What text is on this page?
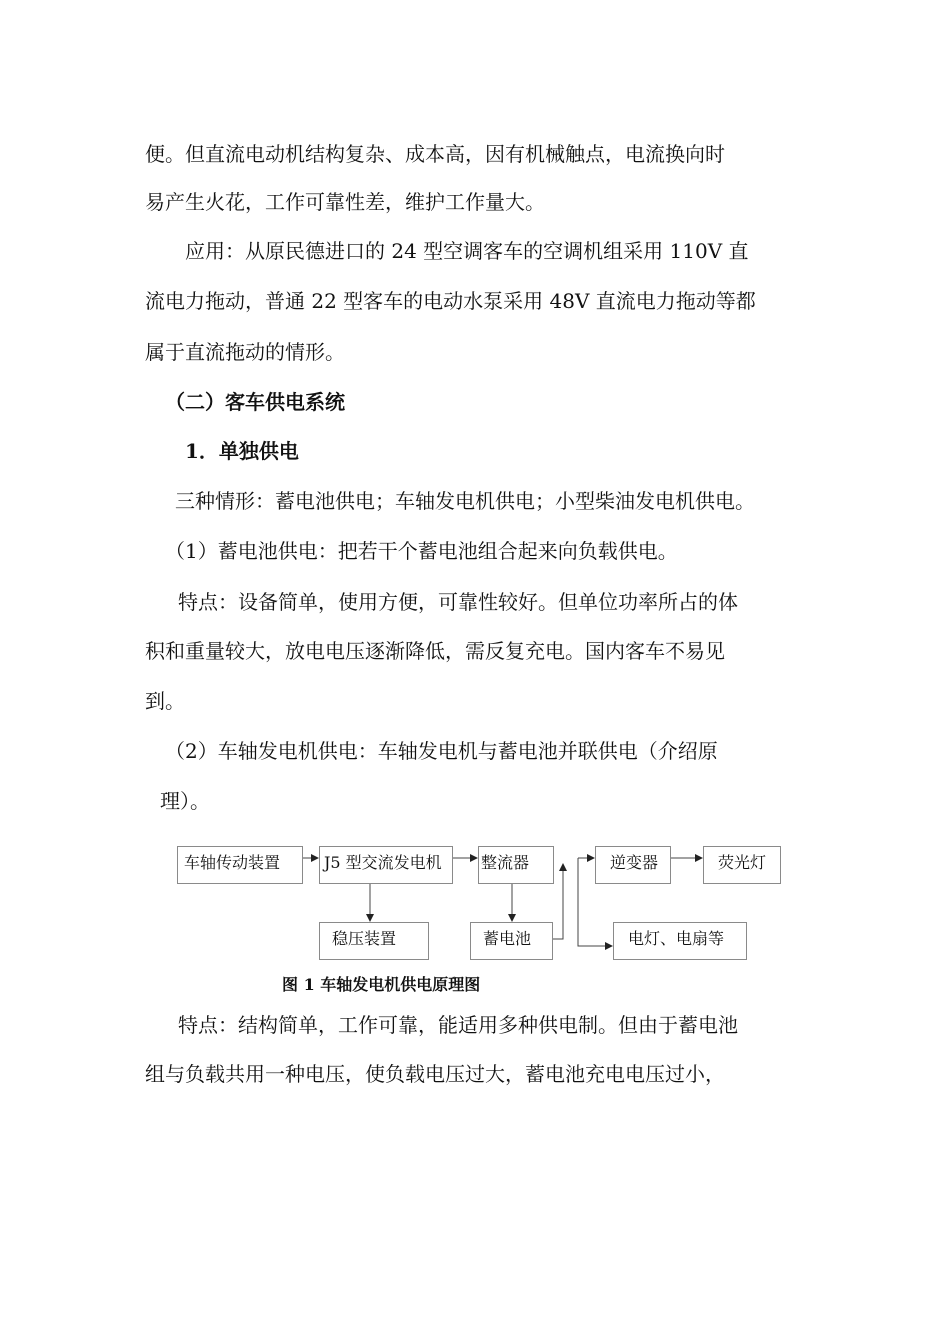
便。但直流电动机结构复杂、成本高，因有机械触点，电流换向时

易产生火花，工作可靠性差，维护工作量大。

应用：从原民德进口的 24 型空调客车的空调机组采用 110V 直

流电力拖动，普通 22 型客车的电动水泵采用 48V 直流电力拖动等都

属于直流拖动的情形。

（二）客车供电系统

1．单独供电

三种情形：蓄电池供电；车轴发电机供电；小型柴油发电机供电。

（1）蓄电池供电：把若干个蓄电池组合起来向负载供电。

特点：设备简单，使用方便，可靠性较好。但单位功率所占的体

积和重量较大，放电电压逐渐降低，需反复充电。国内客车不易见

到。

（2）车轴发电机供电：车轴发电机与蓄电池并联供电（介绍原

理）。

车轴传动装置	J5 型交流发电机	整流器	逆变器	荧光灯
稳压装置	蓄电池	电灯、电扇等

图 1 车轴发电机供电原理图

特点：结构简单，工作可靠，能适用多种供电制。但由于蓄电池

组与负载共用一种电压，使负载电压过大，蓄电池充电电压过小，
